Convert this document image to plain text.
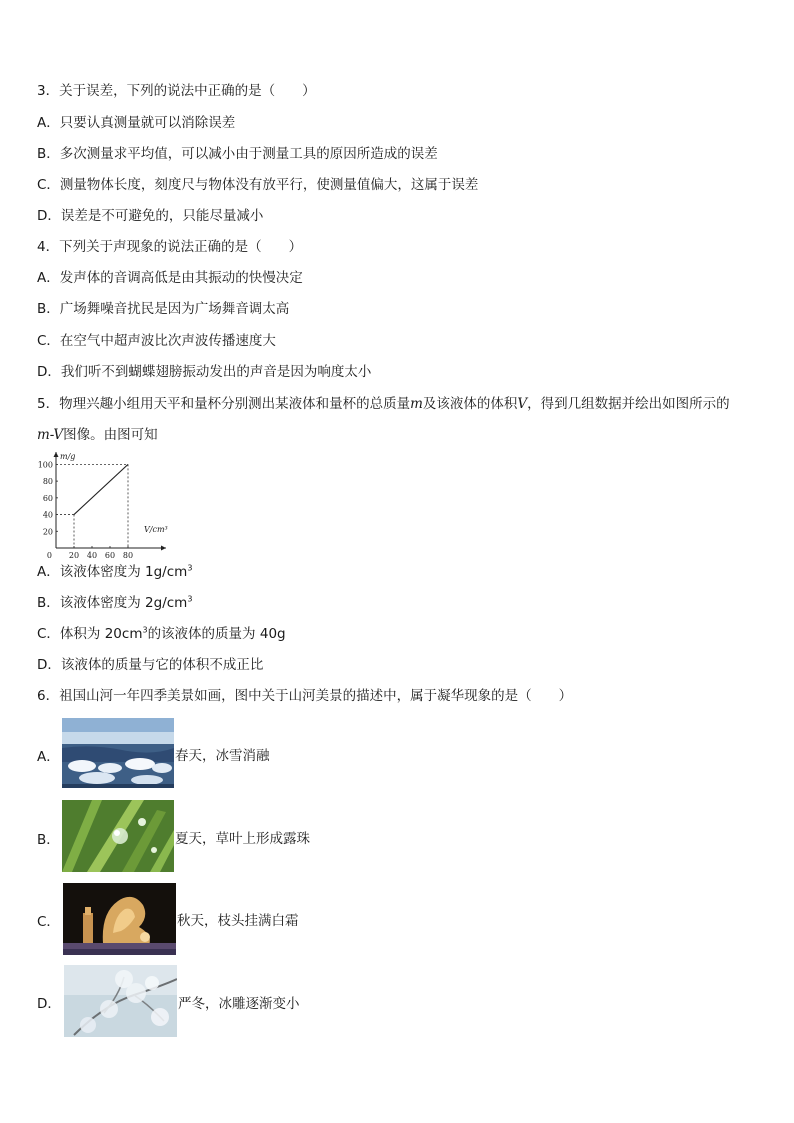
3．关于误差，下列的说法中正确的是（　　）
A．只要认真测量就可以消除误差
B．多次测量求平均值，可以减小由于测量工具的原因所造成的误差
C．测量物体长度，刻度尺与物体没有放平行，使测量值偏大，这属于误差
D．误差是不可避免的，只能尽量减小
4．下列关于声现象的说法正确的是（　　）
A．发声体的音调高低是由其振动的快慢决定
B．广场舞噪音扰民是因为广场舞音调太高
C．在空气中超声波比次声波传播速度大
D．我们听不到蝴蝶翅膀振动发出的声音是因为响度太小
5．物理兴趣小组用天平和量杯分别测出某液体和量杯的总质量m及该液体的体积V，得到几组数据并绘出如图所示的
m-V图像。由图可知
m/g
V/cm³
0 20 40 60 80
20
40
60
80
100
A．该液体密度为 $1g/cm^3$
B．该液体密度为 $2g/cm^3$
C．体积为 $20cm^3$的该液体的质量为 40g
D．该液体的质量与它的体积不成正比
6．祖国山河一年四季美景如画，图中关于山河美景的描述中，属于凝华现象的是（　　）
A．	春天，冰雪消融
B．	夏天，草叶上形成露珠
C．	秋天，枝头挂满白霜
D．	严冬，冰雕逐渐变小
